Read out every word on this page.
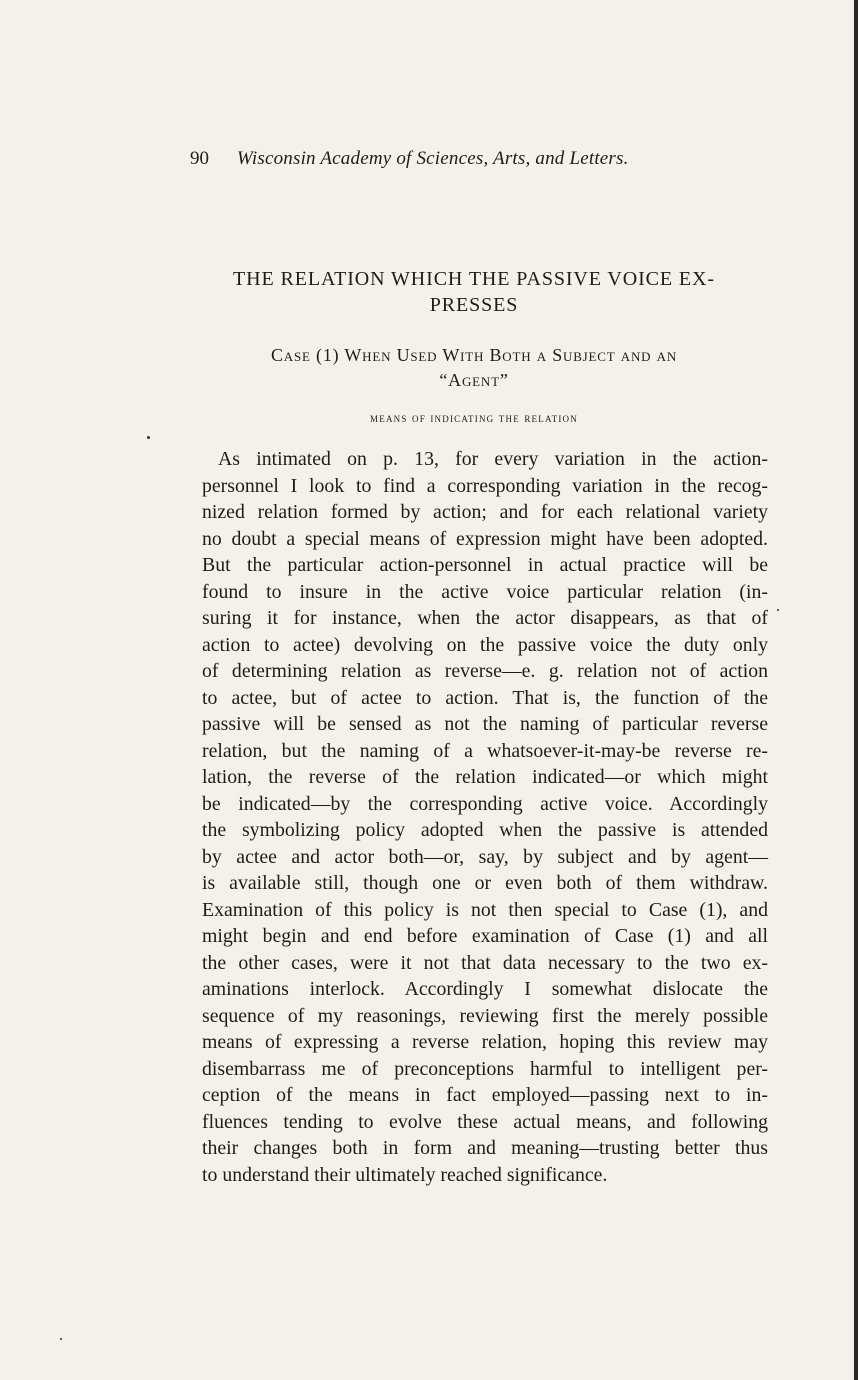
90 Wisconsin Academy of Sciences, Arts, and Letters.
THE RELATION WHICH THE PASSIVE VOICE EX-
PRESSES
Case (1) When Used With Both a Subject and an
“Agent”
means of indicating the relation
As intimated on p. 13, for every variation in the action-
personnel I look to find a corresponding variation in the recog-
nized relation formed by action; and for each relational variety
no doubt a special means of expression might have been adopted.
But the particular action-personnel in actual practice will be
found to insure in the active voice particular relation (in-
suring it for instance, when the actor disappears, as that of
action to actee) devolving on the passive voice the duty only
of determining relation as reverse—e. g. relation not of action
to actee, but of actee to action. That is, the function of the
passive will be sensed as not the naming of particular reverse
relation, but the naming of a whatsoever-it-may-be reverse re-
lation, the reverse of the relation indicated—or which might
be indicated—by the corresponding active voice. Accordingly
the symbolizing policy adopted when the passive is attended
by actee and actor both—or, say, by subject and by agent—
is available still, though one or even both of them withdraw.
Examination of this policy is not then special to Case (1), and
might begin and end before examination of Case (1) and all
the other cases, were it not that data necessary to the two ex-
aminations interlock. Accordingly I somewhat dislocate the
sequence of my reasonings, reviewing first the merely possible
means of expressing a reverse relation, hoping this review may
disembarrass me of preconceptions harmful to intelligent per-
ception of the means in fact employed—passing next to in-
fluences tending to evolve these actual means, and following
their changes both in form and meaning—trusting better thus
to understand their ultimately reached significance.
